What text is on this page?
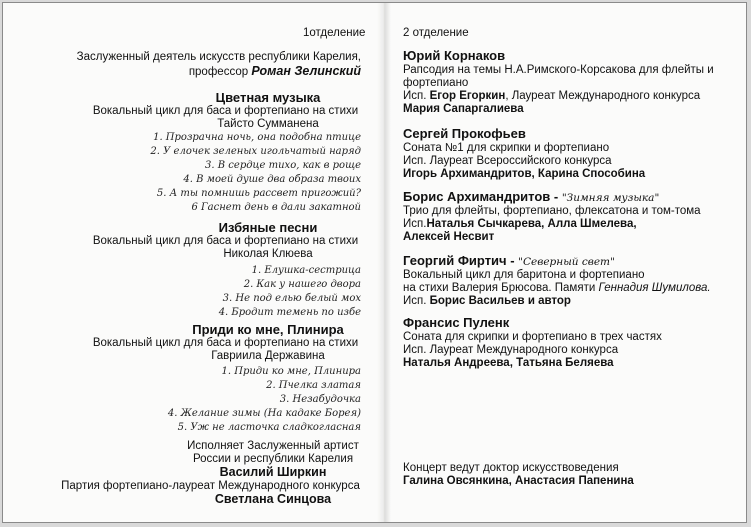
1отделение
Заслуженный деятель искусств республики Карелия,
профессор Роман Зелинский
Цветная музыка
Вокальный цикл для баса и фортепиано на стихи
Тайсто Сумманена
1. Прозрачна ночь, она подобна птице
2. У елочек зеленых игольчатый наряд
3. В сердце тихо, как в роще
4. В моей душе два образа твоих
5. А ты помнишь рассвет пригожий?
6 Гаснет день в дали закатной
Избяные песни
Вокальный цикл для баса и фортепиано на стихи
Николая Клюева
1. Елушка-сестрица
2. Как у нашего двора
3. Не под елью белый мох
4. Бродит темень по избе
Приди ко мне, Плинира
Вокальный цикл для баса и фортепиано на стихи
Гавриила Державина
1. Приди ко мне, Плинира
2. Пчелка златая
3. Незабудочка
4. Желание зимы (На кадаке Борея)
5. Уж не ласточка сладкогласная
Исполняет Заслуженный артист
России и республики Карелия
Василий Ширкин
Партия фортепиано-лауреат Международного конкурса
Светлана Синцова
2 отделение
Юрий Корнаков
Рапсодия на темы Н.А.Римского-Корсакова для флейты и
фортепиано
Исп. Егор Егоркин, Лауреат Международного конкурса
Мария Сапаргалиева
Сергей Прокофьев
Соната №1 для скрипки и фортепиано
Исп. Лауреат Всероссийского конкурса
Игорь Архимандритов, Карина Способина
Борис Архимандритов - "Зимняя музыка"
Трио для флейты, фортепиано, флексатона и том-тома
Исп.Наталья Сычкарева, Алла Шмелева,
Алексей Несвит
Георгий Фиртич - "Северный свет"
Вокальный цикл для баритона и фортепиано
на стихи Валерия Брюсова. Памяти Геннадия Шумилова.
Исп. Борис Васильев и автор
Франсис Пуленк
Соната для скрипки и фортепиано в трех частях
Исп. Лауреат Международного конкурса
Наталья Андреева, Татьяна Беляева
Концерт ведут доктор искусствоведения
Галина Овсянкина, Анастасия Папенина
